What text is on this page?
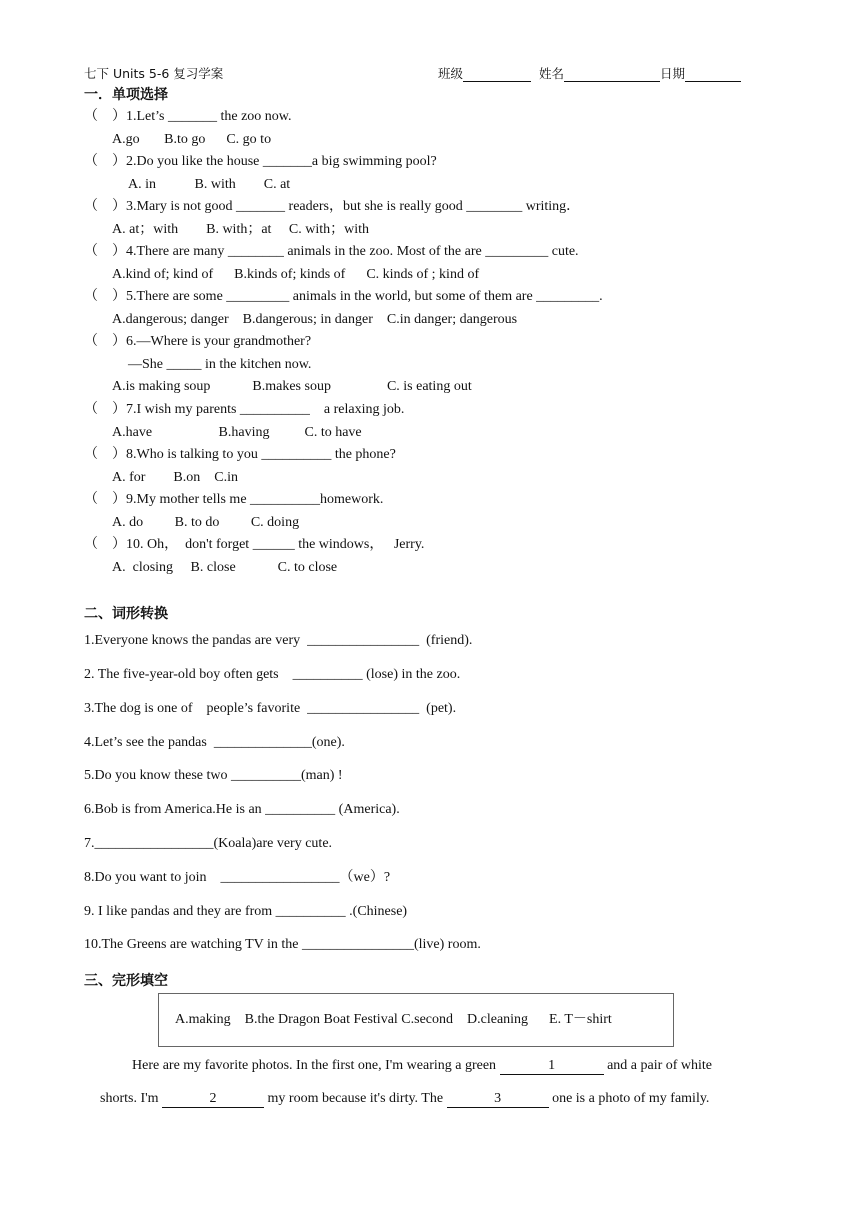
七下 Units 5-6 复习学案	班级	姓名	日期
一．单项选择
（    ）1.Let’s _______ the zoo now.
A.go       B.to go      C. go to
（    ）2.Do you like the house _______a big swimming pool?
A. in           B. with        C. at
（    ）3.Mary is not good _______ readers，but she is really good ________ writing．
A. at；with        B. with；at     C. with；with
（    ）4.There are many ________ animals in the zoo. Most of the are _________ cute.
A.kind of; kind of      B.kinds of; kinds of      C. kinds of ; kind of
（    ）5.There are some _________ animals in the world, but some of them are _________.
A.dangerous; danger    B.dangerous; in danger    C.in danger; dangerous
（    ）6.—Where is your grandmother?
—She _____ in the kitchen now.
A.is making soup            B.makes soup                C. is eating out
（    ）7.I wish my parents __________    a relaxing job.
A.have                   B.having          C. to have
（    ）8.Who is talking to you __________ the phone?
A. for        B.on    C.in
（    ）9.My mother tells me __________homework.
A. do         B. to do         C. doing
（    ）10. Oh，  don't forget ______ the windows，   Jerry.
A.  closing     B. close            C. to close
二、词形转换
1.Everyone knows the pandas are very  ________________  (friend).
2. The five-year-old boy often gets    __________ (lose) in the zoo.
3.The dog is one of    people’s favorite  ________________  (pet).
4.Let’s see the pandas  ______________(one).
5.Do you know these two __________(man) !
6.Bob is from America.He is an __________ (America).
7._________________(Koala)are very cute.
8.Do you want to join    _________________（we）?
9. I like pandas and they are from __________ .(Chinese)
10.The Greens are watching TV in the ________________(live) room.
三、完形填空
A.making    B.the Dragon Boat Festival C.second    D.cleaning      E. T－shirt
Here are my favorite photos. In the first one, I'm wearing a green	1	and a pair of white
shorts. I'm	2	my room because it's dirty. The	3	one is a photo of my family.
